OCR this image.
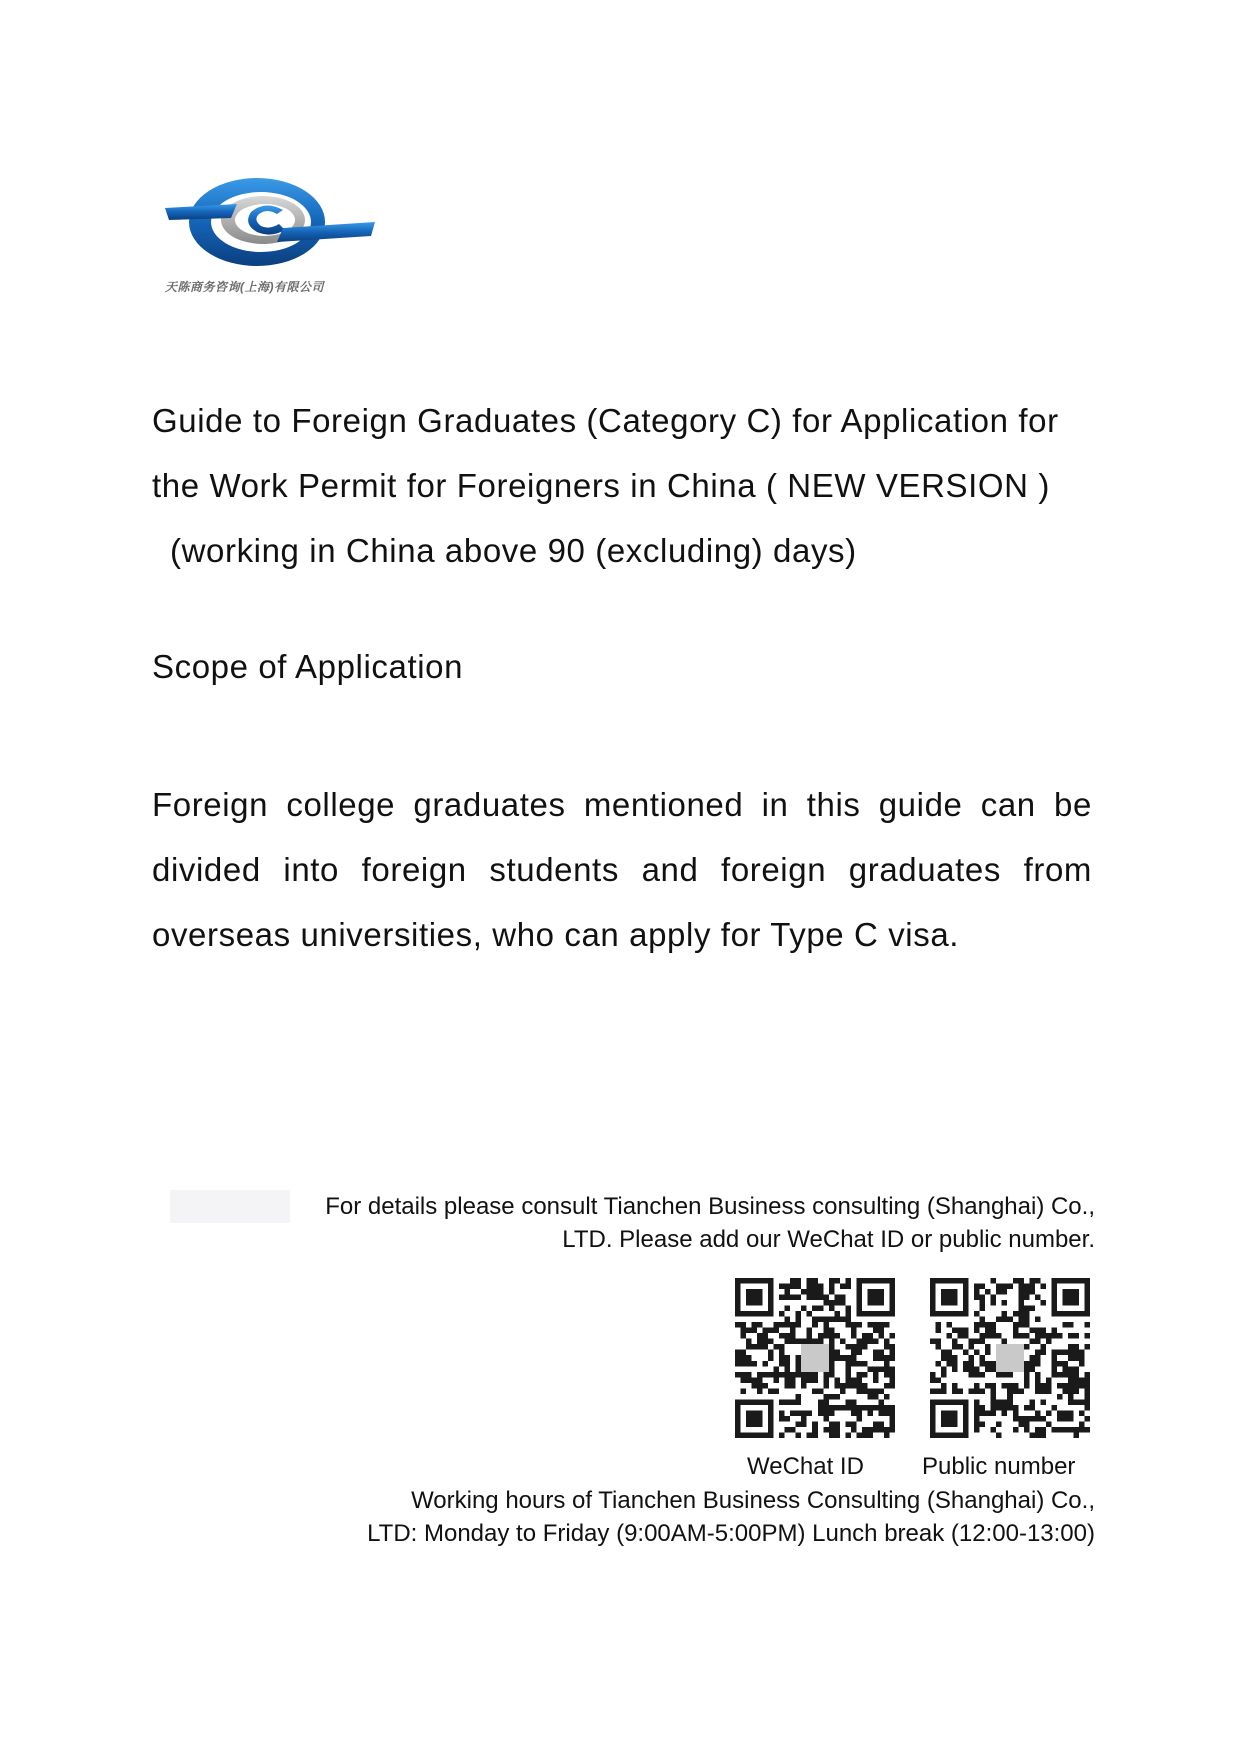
天陈商务咨询(上海)有限公司
Guide to Foreign Graduates (Category C) for Application for
the Work Permit for Foreigners in China ( NEW VERSION )
(working in China above 90 (excluding) days)
Scope of Application
Foreign college graduates mentioned in this guide can be
divided into foreign students and foreign graduates from
overseas universities, who can apply for Type C visa.
For details please consult Tianchen Business consulting (Shanghai) Co.,
LTD. Please add our WeChat ID or public number.
WeChat ID Public number
Working hours of Tianchen Business Consulting (Shanghai) Co.,
LTD: Monday to Friday (9:00AM-5:00PM) Lunch break (12:00-13:00)
